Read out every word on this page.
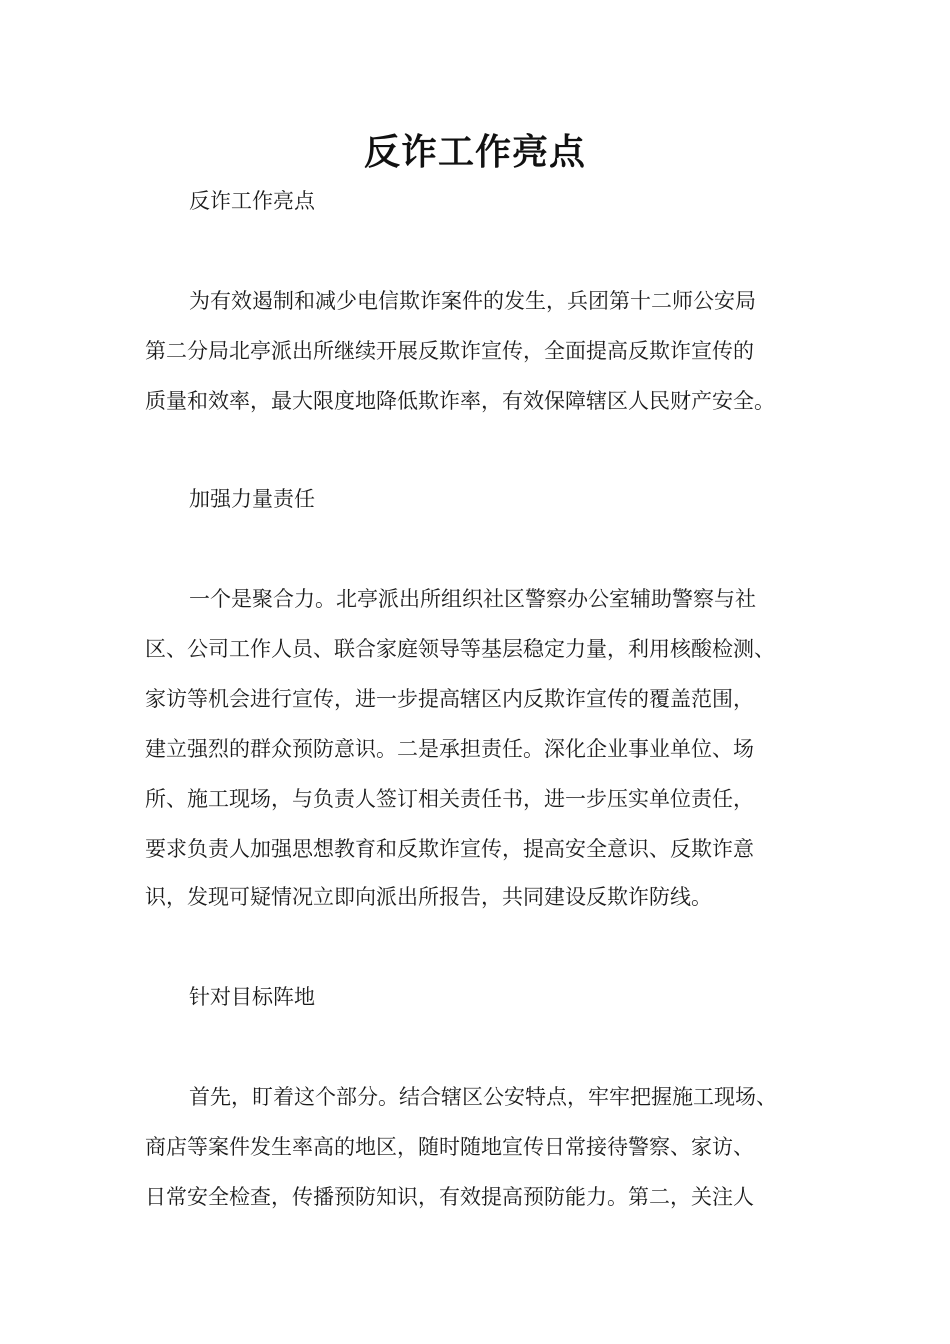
反诈工作亮点
反诈工作亮点
为有效遏制和减少电信欺诈案件的发生，兵团第十二师公安局
第二分局北亭派出所继续开展反欺诈宣传，全面提高反欺诈宣传的
质量和效率，最大限度地降低欺诈率，有效保障辖区人民财产安全。
加强力量责任
一个是聚合力。北亭派出所组织社区警察办公室辅助警察与社
区、公司工作人员、联合家庭领导等基层稳定力量，利用核酸检测、
家访等机会进行宣传，进一步提高辖区内反欺诈宣传的覆盖范围，
建立强烈的群众预防意识。二是承担责任。深化企业事业单位、场
所、施工现场，与负责人签订相关责任书，进一步压实单位责任，
要求负责人加强思想教育和反欺诈宣传，提高安全意识、反欺诈意
识，发现可疑情况立即向派出所报告，共同建设反欺诈防线。
针对目标阵地
首先，盯着这个部分。结合辖区公安特点，牢牢把握施工现场、
商店等案件发生率高的地区，随时随地宣传日常接待警察、家访、
日常安全检查，传播预防知识，有效提高预防能力。第二，关注人
